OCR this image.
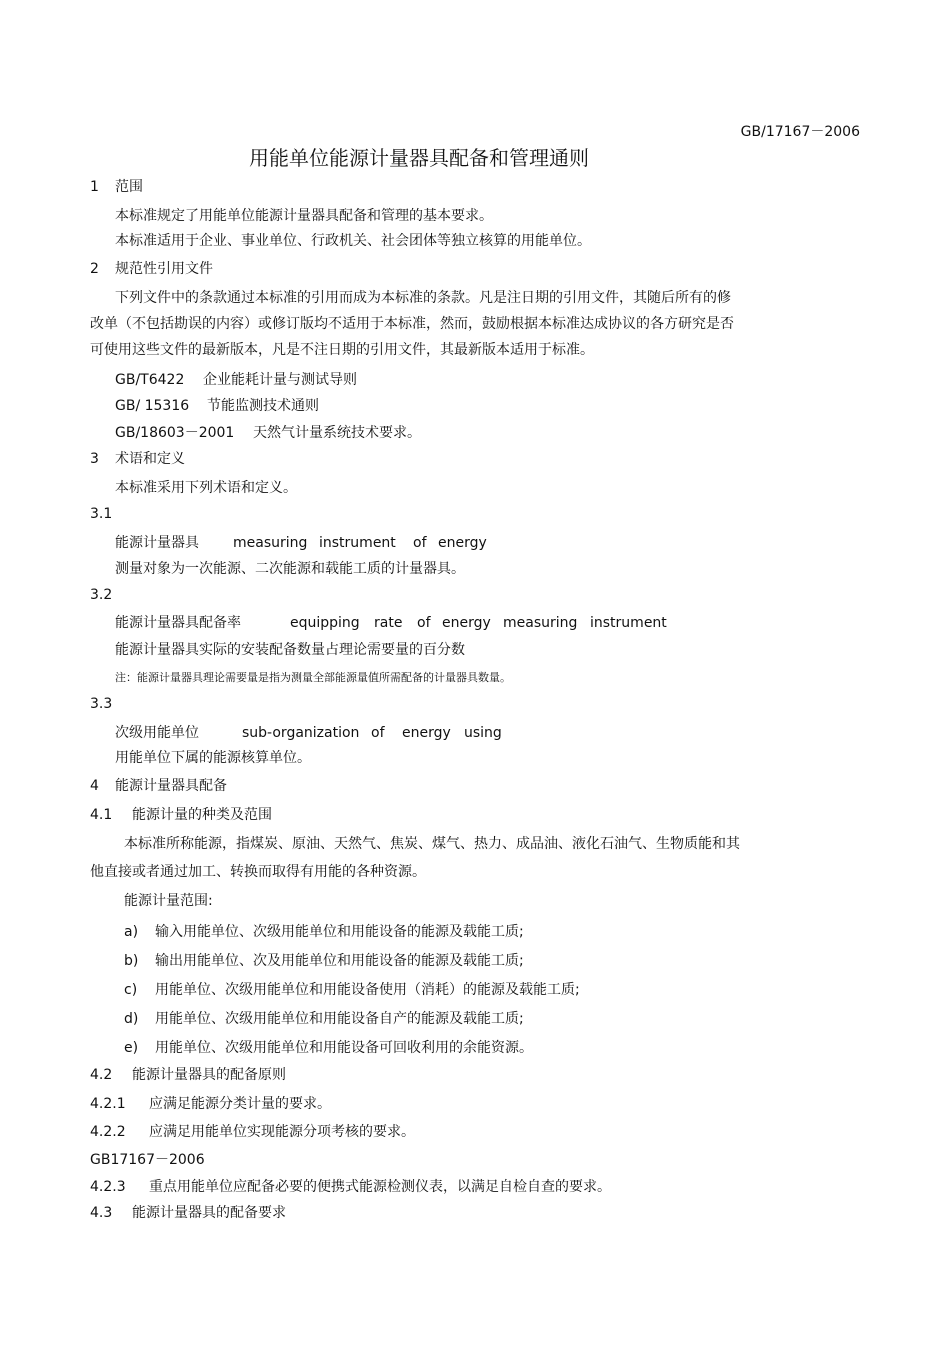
GB/17167－2006
用能单位能源计量器具配备和管理通则
1 范围
本标准规定了用能单位能源计量器具配备和管理的基本要求。
本标准适用于企业、事业单位、行政机关、社会团体等独立核算的用能单位。
2 规范性引用文件
下列文件中的条款通过本标准的引用而成为本标准的条款。凡是注日期的引用文件，其随后所有的修
改单（不包括勘误的内容）或修订版均不适用于本标准，然而，鼓励根据本标准达成协议的各方研究是否
可使用这些文件的最新版本，凡是不注日期的引用文件，其最新版本适用于标准。
GB/T6422 企业能耗计量与测试导则
GB/ 15316 节能监测技术通则
GB/18603－2001 天然气计量系统技术要求。
3 术语和定义
本标准采用下列术语和定义。
3.1
能源计量器具 measuring instrument of energy
测量对象为一次能源、二次能源和载能工质的计量器具。
3.2
能源计量器具配备率	equipping rate of energy measuring instrument
能源计量器具实际的安装配备数量占理论需要量的百分数
注：能源计量器具理论需要量是指为测量全部能源量值所需配备的计量器具数量。
3.3
次级用能单位	sub-organization of energy using
用能单位下属的能源核算单位。
4 能源计量器具配备
4.1 能源计量的种类及范围
本标准所称能源，指煤炭、原油、天然气、焦炭、煤气、热力、成品油、液化石油气、生物质能和其
他直接或者通过加工、转换而取得有用能的各种资源。
能源计量范围:
a) 输入用能单位、次级用能单位和用能设备的能源及载能工质;
b) 输出用能单位、次及用能单位和用能设备的能源及载能工质;
c) 用能单位、次级用能单位和用能设备使用（消耗）的能源及载能工质;
d) 用能单位、次级用能单位和用能设备自产的能源及载能工质;
e) 用能单位、次级用能单位和用能设备可回收利用的余能资源。
4.2 能源计量器具的配备原则
4.2.1 应满足能源分类计量的要求。
4.2.2 应满足用能单位实现能源分项考核的要求。
GB17167－2006
4.2.3 重点用能单位应配备必要的便携式能源检测仪表，以满足自检自查的要求。
4.3 能源计量器具的配备要求
